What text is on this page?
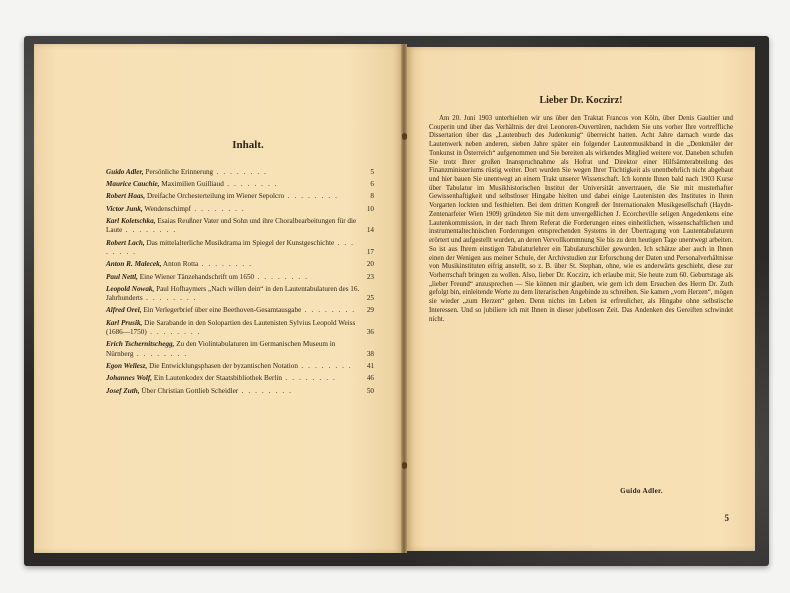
Inhalt.
Guido Adler, Persönliche Erinnerung . . . . . . . .	5
Maurice Cauchie, Maximilien Guilliaud . . . . . . . .	6
Robert Haas, Dreifache Orchesterteilung im Wiener Sepolcro . . . . . . . .	8
Victor Junk, Wendenschimpf . . . . . . . .	10
Karl Koletschka, Esaias Reußner Vater und Sohn und ihre Choralbearbeitungen für die Laute . . . . . . . .	14
Robert Lach, Das mittelalterliche Musikdrama im Spiegel der Kunstgeschichte . . . . . . . .	17
Anton R. Malecek, Anton Rotta . . . . . . . .	20
Paul Nettl, Eine Wiener Tänzehandschrift um 1650 . . . . . . . .	23
Leopold Nowak, Paul Hofhaymers „Nach willen dein“ in den Lautentabulaturen des 16. Jahrhunderts . . . . . . . .	25
Alfred Orel, Ein Verlegerbrief über eine Beethoven-Gesamtausgabe . . . . . . . . 29
Karl Prusik, Die Sarabande in den Solopartien des Lautenisten Sylvius Leopold Weiss (1686—1750) . . . . . . . .	36
Erich Tschernitschegg, Zu den Violintabulaturen im Germanischen Museum in Nürnberg . . . . . . . .	38
Egon Wellesz, Die Entwicklungsphasen der byzantischen Notation . . . . . . . . 41
Johannes Wolf, Ein Lautenkodex der Staatsbibliothek Berlin . . . . . . . .	46
Josef Zuth, Über Christian Gottlieb Scheidler . . . . . . . .	50
Lieber Dr. Koczirz!

Am 20. Juni 1903 unterhielten wir uns über den Traktat Francos von Köln, über Denis Gaultier und Couperin und über das Verhältnis der drei Leonoren-Ouvertüren, nachdem Sie uns vorher Ihre vortreffliche Dissertation über das „Lautenbuch des Judenkunig“ überreicht hatten. Acht Jahre darnach wurde das Lautenwerk neben anderen, sieben Jahre später ein folgender Lautenmusikband in die „Denkmäler der Tonkunst in Österreich“ aufgenommen und Sie bereiten als wirkendes Mitglied weitere vor. Daneben schufen Sie trotz Ihrer großen Inanspruchnahme als Hofrat und Direktor einer Hilfsämterabteilung des Finanzministeriums rüstig weiter. Dort wurden Sie wegen Ihrer Tüchtigkeit als unentbehrlich nicht abgebaut und hier bauen Sie unentwegt an einem Trakt unserer Wissenschaft. Ich konnte Ihnen bald nach 1903 Kurse über Tabulatur im Musikhistorischen Institut der Universität anvertrauen, die Sie mit musterhafter Gewissenhaftigkeit und selbstloser Hingabe hielten und dabei einige Lautenisten des Institutes in Ihren Vorgarten lockten und festhielten. Bei dem dritten Kongreß der Internationalen Musikgesellschaft (Haydn-Zentenarfeier Wien 1909) gründeten Sie mit dem unvergeßlichen J. Ecorcheville seligen Angedenkens eine Lautenkommission, in der nach Ihrem Referat die Forderungen eines einheitlichen, wissenschaftlichen und instrumentaltechnischen Forderungen entsprechenden Systems in der Übertragung von Lautentabulaturen erörtert und aufgestellt wurden, an deren Vervollkommnung Sie bis zu dem heutigen Tage unentwegt arbeiten. So ist aus Ihrem einstigen Tabulaturlehrer ein Tabulaturschüler geworden. Ich schätze aber auch in Ihnen einen der Wenigen aus meiner Schule, der Archivstudien zur Erforschung der Daten und Personalverhältnisse von Musikinstituten eifrig anstellt, so z. B. über St. Stephan, ohne, wie es anderwärts geschieht, diese zur Vorherrschaft bringen zu wollen. Also, lieber Dr. Koczirz, ich erlaube mir, Sie heute zum 60. Geburtstage als „lieber Freund“ anzusprechen — Sie können mir glauben, wie gern ich dem Ersuchen des Herrn Dr. Zuth gefolgt bin, einleitende Worte zu dem literarischen Angebinde zu schreiben. Sie kamen „vom Herzen“, mögen sie wieder „zum Herzen“ gehen. Denn nichts im Leben ist erfreulicher, als Hingabe ohne selbstische Interessen. Und so jubiliere ich mit Ihnen in dieser jubellosen Zeit. Das Andenken des Gereiften schwindet nicht.

Guido Adler.
5
